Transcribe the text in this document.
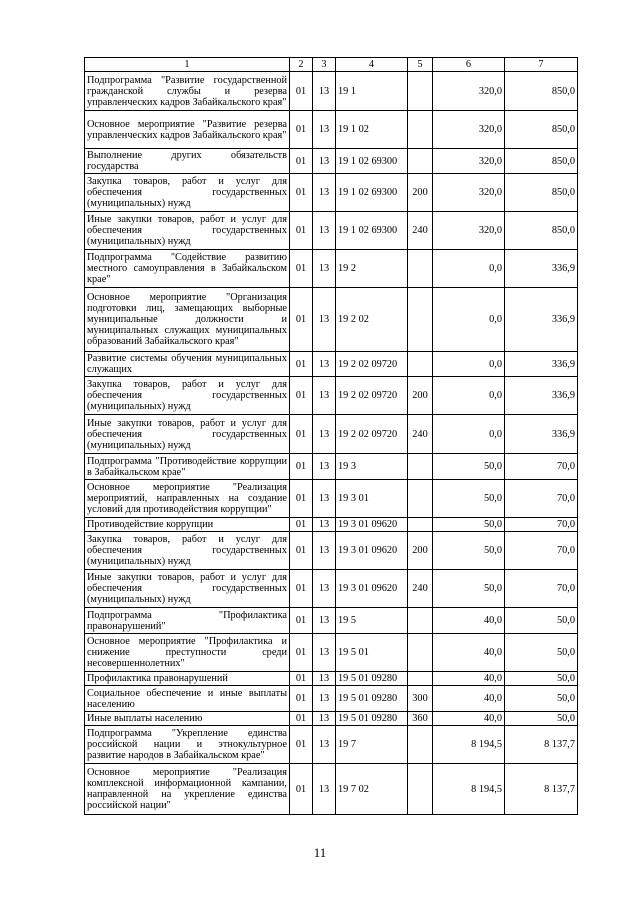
1	2	3	4	5	6	7
Подпрограмма "Развитие государственной гражданской службы и резерва управленческих кадров Забайкальского края"	01	13	19 1		320,0	850,0
Основное мероприятие "Развитие резерва управленческих кадров Забайкальского края"	01	13	19 1 02		320,0	850,0
Выполнение других обязательств государства	01	13	19 1 02 69300		320,0	850,0
Закупка товаров, работ и услуг для обеспечения государственных (муниципальных) нужд	01	13	19 1 02 69300	200	320,0	850,0
Иные закупки товаров, работ и услуг для обеспечения государственных (муниципальных) нужд	01	13	19 1 02 69300	240	320,0	850,0
Подпрограмма "Содействие развитию местного самоуправления в Забайкальском крае"	01	13	19 2		0,0	336,9
Основное мероприятие "Организация подготовки лиц, замещающих выборные муниципальные должности и муниципальных служащих муниципальных образований Забайкальского края"	01	13	19 2 02		0,0	336,9
Развитие системы обучения муниципальных служащих	01	13	19 2 02 09720		0,0	336,9
Закупка товаров, работ и услуг для обеспечения государственных (муниципальных) нужд	01	13	19 2 02 09720	200	0,0	336,9
Иные закупки товаров, работ и услуг для обеспечения государственных (муниципальных) нужд	01	13	19 2 02 09720	240	0,0	336,9
Подпрограмма "Противодействие коррупции в Забайкальском крае"	01	13	19 3		50,0	70,0
Основное мероприятие "Реализация мероприятий, направленных на создание условий для противодействия коррупции"	01	13	19 3 01		50,0	70,0
Противодействие коррупции	01	13	19 3 01 09620		50,0	70,0
Закупка товаров, работ и услуг для обеспечения государственных (муниципальных) нужд	01	13	19 3 01 09620	200	50,0	70,0
Иные закупки товаров, работ и услуг для обеспечения государственных (муниципальных) нужд	01	13	19 3 01 09620	240	50,0	70,0
Подпрограмма "Профилактика правонарушений"	01	13	19 5		40,0	50,0
Основное мероприятие "Профилактика и снижение преступности среди несовершеннолетних"	01	13	19 5 01		40,0	50,0
Профилактика правонарушений	01	13	19 5 01 09280		40,0	50,0
Социальное обеспечение и иные выплаты населению	01	13	19 5 01 09280	300	40,0	50,0
Иные выплаты населению	01	13	19 5 01 09280	360	40,0	50,0
Подпрограмма "Укрепление единства российской нации и этнокультурное развитие народов в Забайкальском крае"	01	13	19 7		8 194,5	8 137,7
Основное мероприятие "Реализация комплексной информационной кампании, направленной на укрепление единства российской нации"	01	13	19 7 02		8 194,5	8 137,7
11
